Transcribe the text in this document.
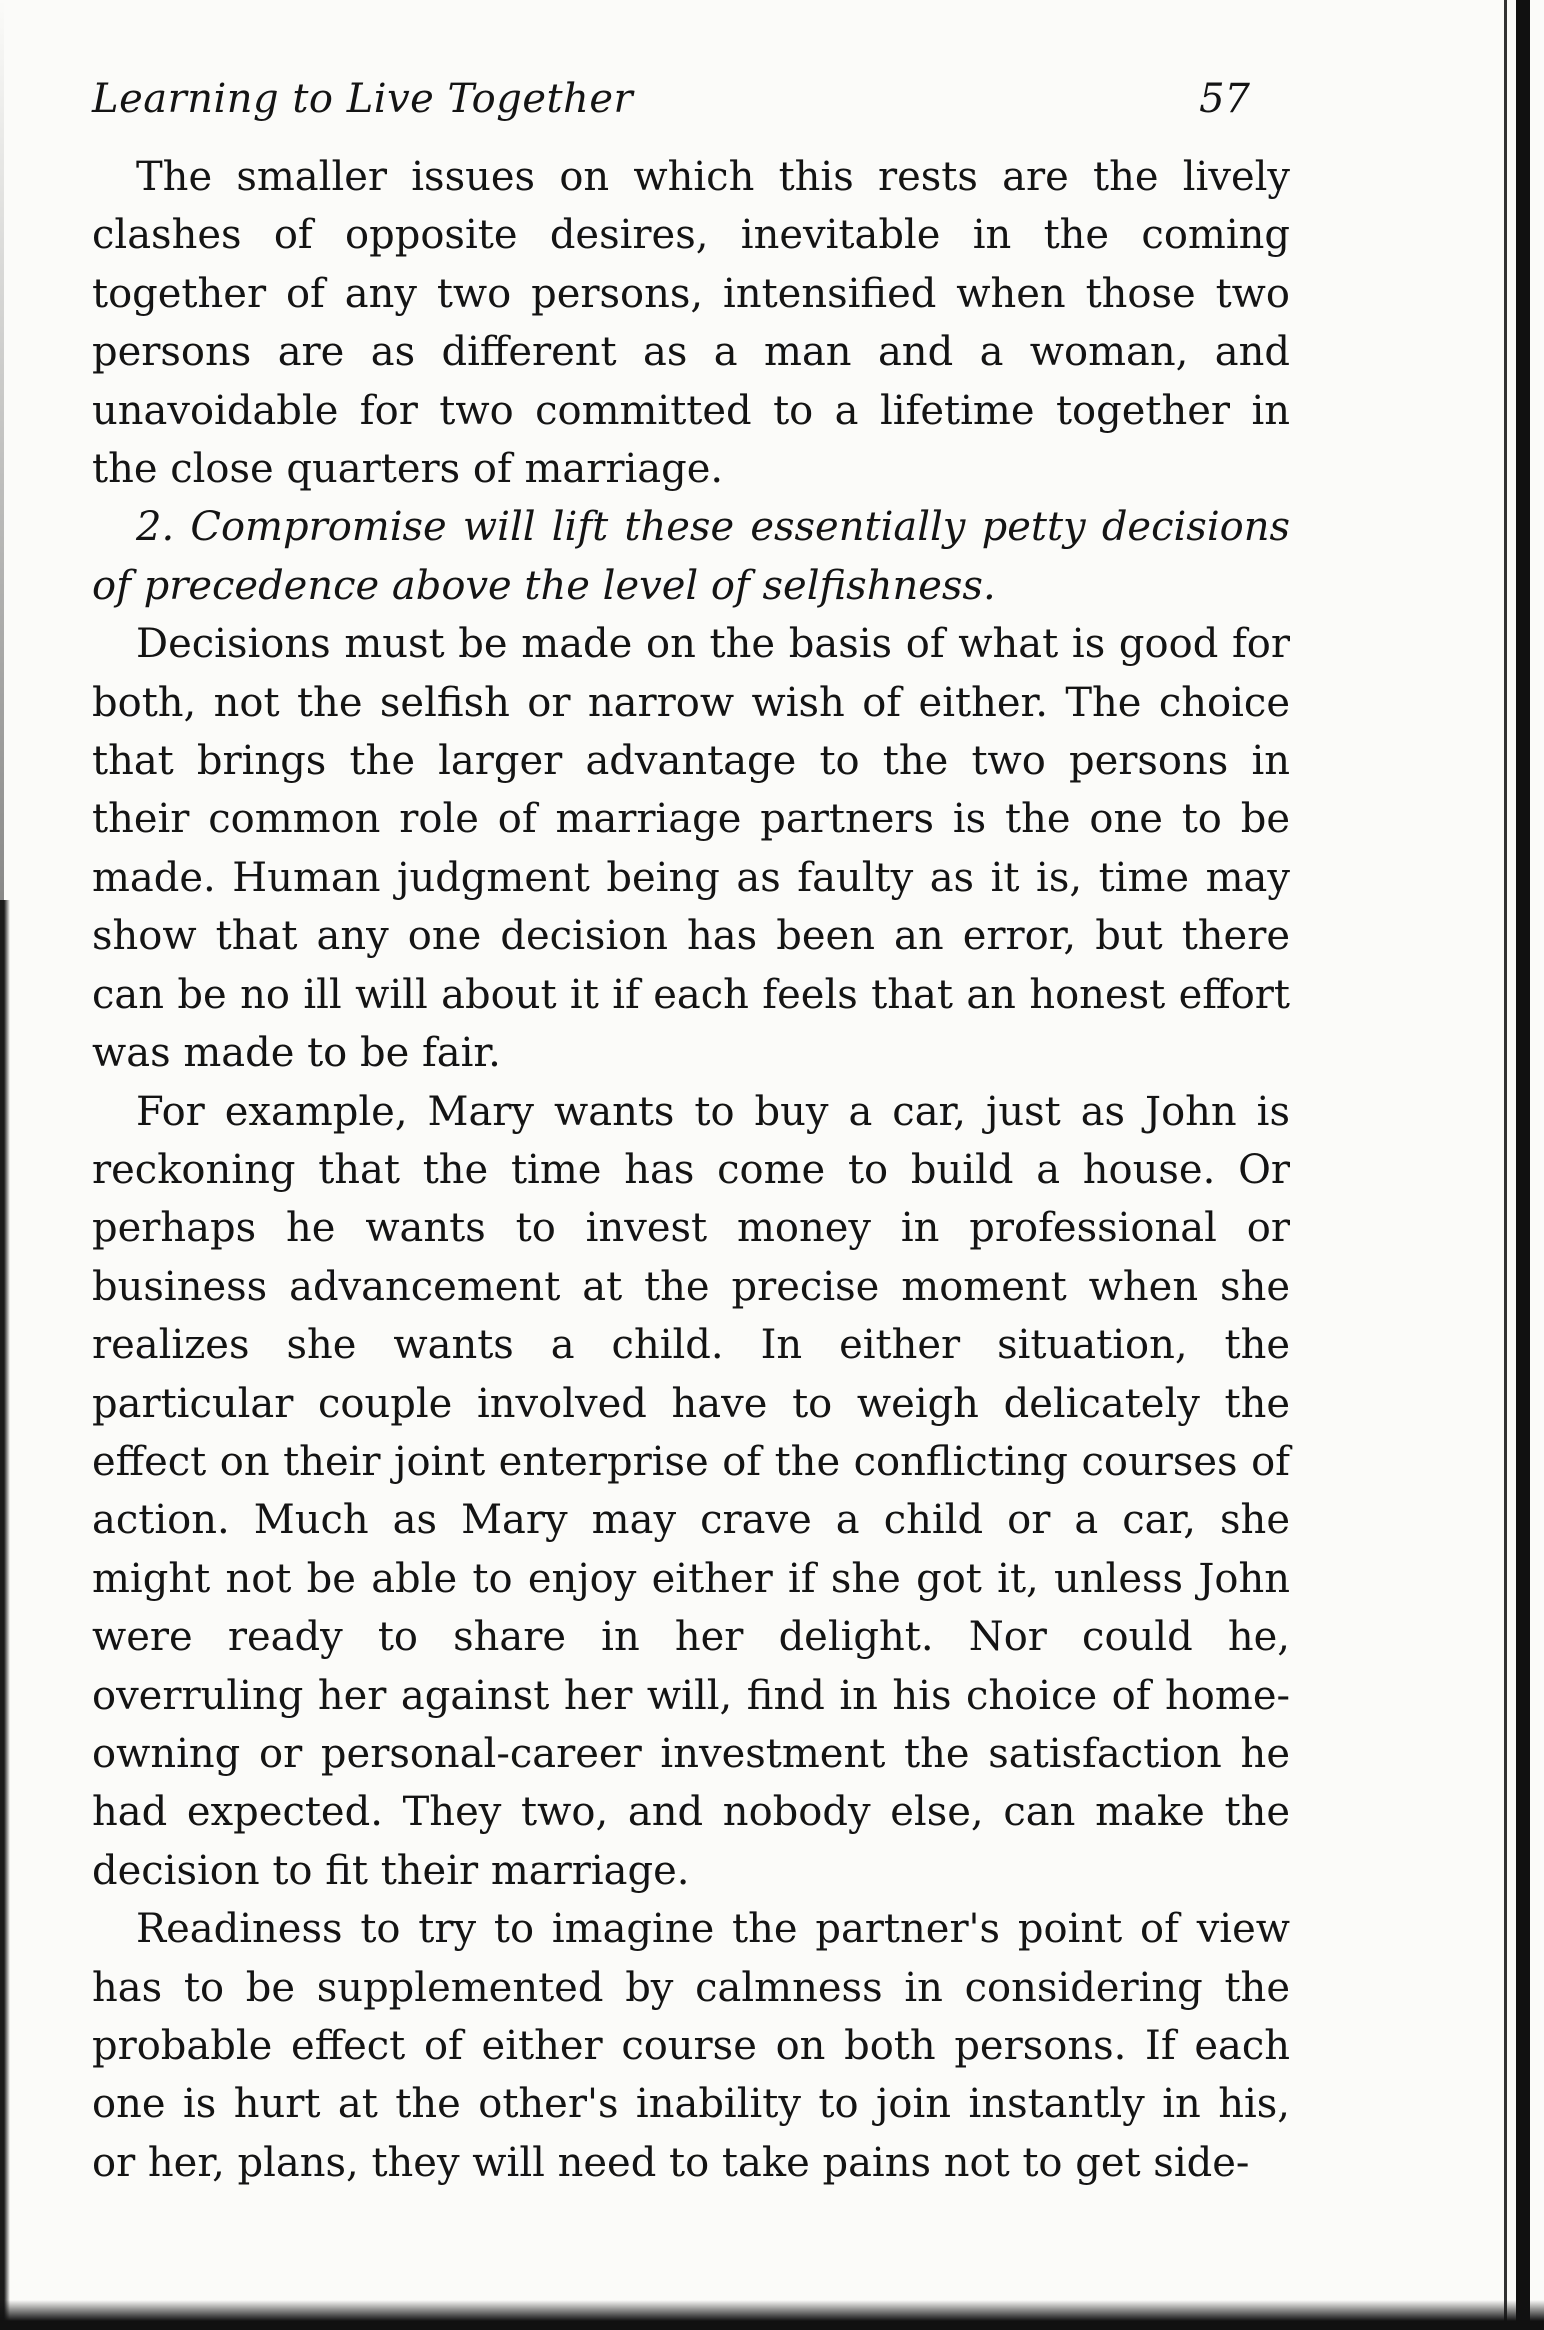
Learning to Live Together	57

The smaller issues on which this rests are the lively clashes of opposite desires, inevitable in the coming together of any two persons, intensified when those two persons are as different as a man and a woman, and unavoidable for two committed to a lifetime together in the close quarters of marriage.

2. Compromise will lift these essentially petty decisions of precedence above the level of selfishness.

Decisions must be made on the basis of what is good for both, not the selfish or narrow wish of either. The choice that brings the larger advantage to the two persons in their common role of marriage partners is the one to be made. Human judgment being as faulty as it is, time may show that any one decision has been an error, but there can be no ill will about it if each feels that an honest effort was made to be fair.

For example, Mary wants to buy a car, just as John is reckoning that the time has come to build a house. Or perhaps he wants to invest money in professional or business advancement at the precise moment when she realizes she wants a child. In either situation, the particular couple involved have to weigh delicately the effect on their joint enterprise of the conflicting courses of action. Much as Mary may crave a child or a car, she might not be able to enjoy either if she got it, unless John were ready to share in her delight. Nor could he, overruling her against her will, find in his choice of home-owning or personal-career investment the satisfaction he had expected. They two, and nobody else, can make the decision to fit their marriage.

Readiness to try to imagine the partner's point of view has to be supplemented by calmness in considering the probable effect of either course on both persons. If each one is hurt at the other's inability to join instantly in his, or her, plans, they will need to take pains not to get side-
